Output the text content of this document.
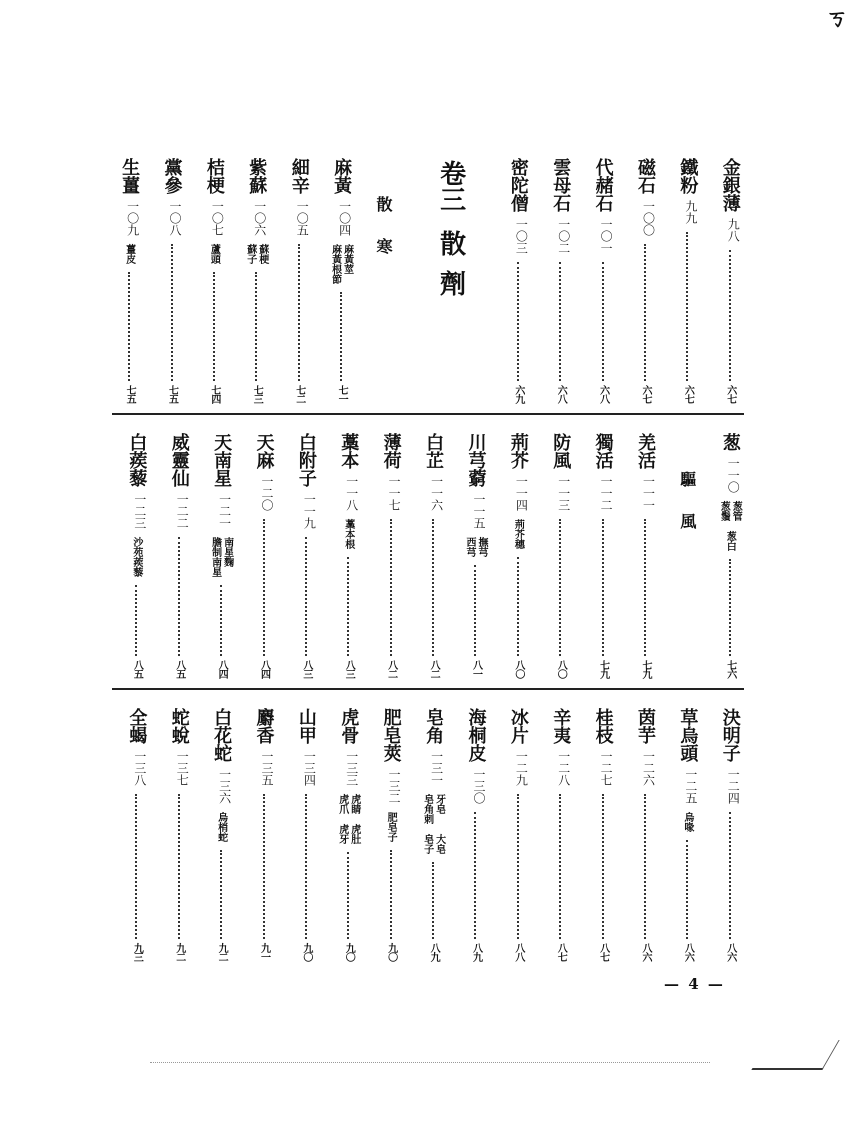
ㄎ
金銀薄
九八
六七
鐵粉
九九
六七
磁石
一〇〇
六七
代赭石
一〇一
六八
雲母石
一〇二
六八
密陀僧
一〇三
六九
卷三
散劑
散寒
麻黃
一〇四
麻黃莖
麻黃根節
七一
細辛
一〇五
七二
紫蘇
一〇六
蘇梗
蘇子
七三
桔梗
一〇七
蘆頭
七四
黨參
一〇八
七五
生薑
一〇九
薑皮
七五
葱
一一〇
葱管
葱鬚
葱白
七六
驅風
羌活
一一一
七九
獨活
一一二
七九
防風
一一三
八〇
荊芥
一一四
荊芥穗
八〇
川芎藭
一一五
撫芎
西芎
八一
白芷
一一六
八二
薄荷
一一七
八二
藁本
一一八
藁本根
八三
白附子
一一九
八三
天麻
一二〇
八四
天南星
一二一
南星麴
膽制南星
八四
威靈仙
一二二
八五
白蒺藜
一二三
沙苑蒺藜
八五
決明子
一二四
八六
草烏頭
一二五
烏喙
八六
茵芋
一二六
八六
桂枝
一二七
八七
辛夷
一二八
八七
冰片
一二九
八八
海桐皮
一三〇
八九
皂角
一三一
牙皂
皂角刺
大皂
皂子
八九
肥皂莢
一三二
肥皂子
九〇
虎骨
一三三
虎睛
虎爪
虎肚
虎牙
九〇
山甲
一三四
九〇
麝香
一三五
九一
白花蛇
一三六
烏梢蛇
九二
蛇蛻
一三七
九二
全蝎
一三八
九三
— 4 —
